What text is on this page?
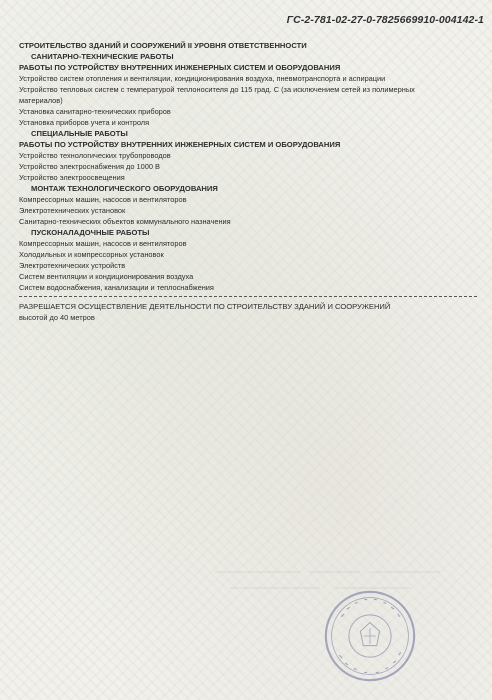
ГС-2-781-02-27-0-7825669910-004142-1
СТРОИТЕЛЬСТВО ЗДАНИЙ И СООРУЖЕНИЙ II УРОВНЯ ОТВЕТСТВЕННОСТИ
САНИТАРНО-ТЕХНИЧЕСКИЕ РАБОТЫ
РАБОТЫ ПО УСТРОЙСТВУ ВНУТРЕННИХ ИНЖЕНЕРНЫХ СИСТЕМ И ОБОРУДОВАНИЯ
Устройство систем отопления и вентиляции, кондиционирования воздуха, пневмотранспорта и аспирации
Устройство тепловых систем с температурой теплоносителя до 115 град. С (за исключением сетей из полимерных материалов)
Установка санитарно-технических приборов
Установка приборов учета и контроля
СПЕЦИАЛЬНЫЕ РАБОТЫ
РАБОТЫ ПО УСТРОЙСТВУ ВНУТРЕННИХ ИНЖЕНЕРНЫХ СИСТЕМ И ОБОРУДОВАНИЯ
Устройство технологических трубопроводов
Устройство электроснабжения до 1000 В
Устройство электроосвещения
МОНТАЖ ТЕХНОЛОГИЧЕСКОГО ОБОРУДОВАНИЯ
Компрессорных машин, насосов и вентиляторов
Электротехнических установок
Санитарно-технических объектов коммунального назначения
ПУСКОНАЛАДОЧНЫЕ РАБОТЫ
Компрессорных машин, насосов и вентиляторов
Холодильных и компрессорных установок
Электротехнических устройств
Систем вентиляции и кондиционирования воздуха
Систем водоснабжения, канализации и теплоснабжения
РАЗРЕШАЕТСЯ ОСУЩЕСТВЛЕНИЕ ДЕЯТЕЛЬНОСТИ ПО СТРОИТЕЛЬСТВУ ЗДАНИЙ И СООРУЖЕНИЙ
высотой до 40 метров
